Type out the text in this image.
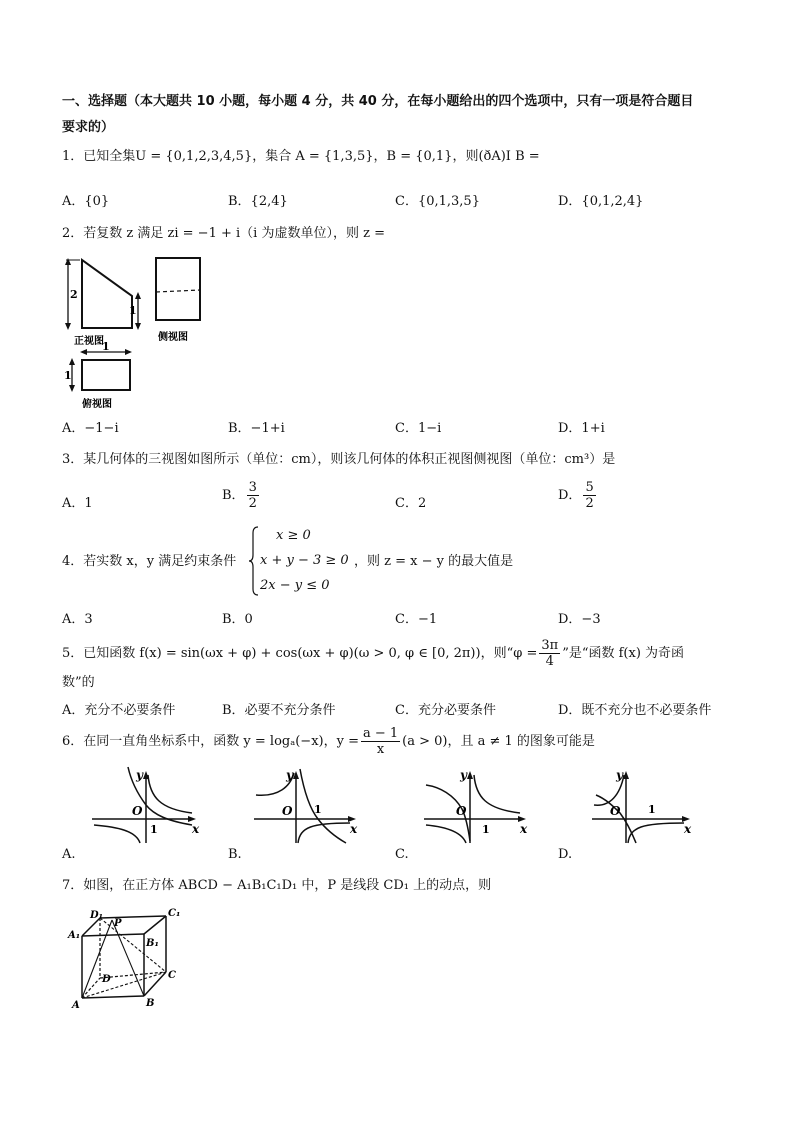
一、选择题（本大题共 10 小题，每小题 4 分，共 40 分，在每小题给出的四个选项中，只有一项是符合题目
要求的）
1．已知全集U = {0,1,2,3,4,5}，集合 A = {1,3,5}，B = {0,1}，则(ðA)I B =
A．{0}	B．{2,4}	C．{0,1,3,5}	D．{0,1,2,4}
2．若复数 z 满足 zi = −1 + i（i 为虚数单位），则 z =
2
1
正视图	侧视图
1
1
俯视图
A．−1−i	B．−1+i	C．1−i	D．1+i
3．某几何体的三视图如图所示（单位：cm），则该几何体的体积正视图侧视图（单位：cm³）是
A．1
B． $\frac{3}{2}$	C．2
D． $\frac{5}{2}$
4．若实数 x，y 满足约束条件
x ≥ 0
x + y − 3 ≥ 0
2x − y ≤ 0
，则 z = x − y 的最大值是
A．3	B．0	C．−1	D．−3
5．已知函数 f(x) = sin(ωx + φ) + cos(ωx + φ)(ω > 0, φ ∈ [0, 2π))，则“$\varphi = \frac{3\pi}{4}$ ”是“函数 f(x) 为奇函
数”的
A．充分不必要条件	B．必要不充分条件	C．充分必要条件	D．既不充分也不必要条件
6．在同一直角坐标系中，函数 y = logₐ(−x)，$y = \frac{a - 1}{x} (a > 0)$，且 a ≠ 1 的图象可能是
y
x
O
1
A.
y
x
O 1
B.
y
x
O
1
C.
y
x
O	1
D.
7．如图，在正方体 ABCD − A₁B₁C₁D₁ 中，P 是线段 CD₁ 上的动点，则
D₁	C₁
A₁
B₁
P
D	C
A	B
